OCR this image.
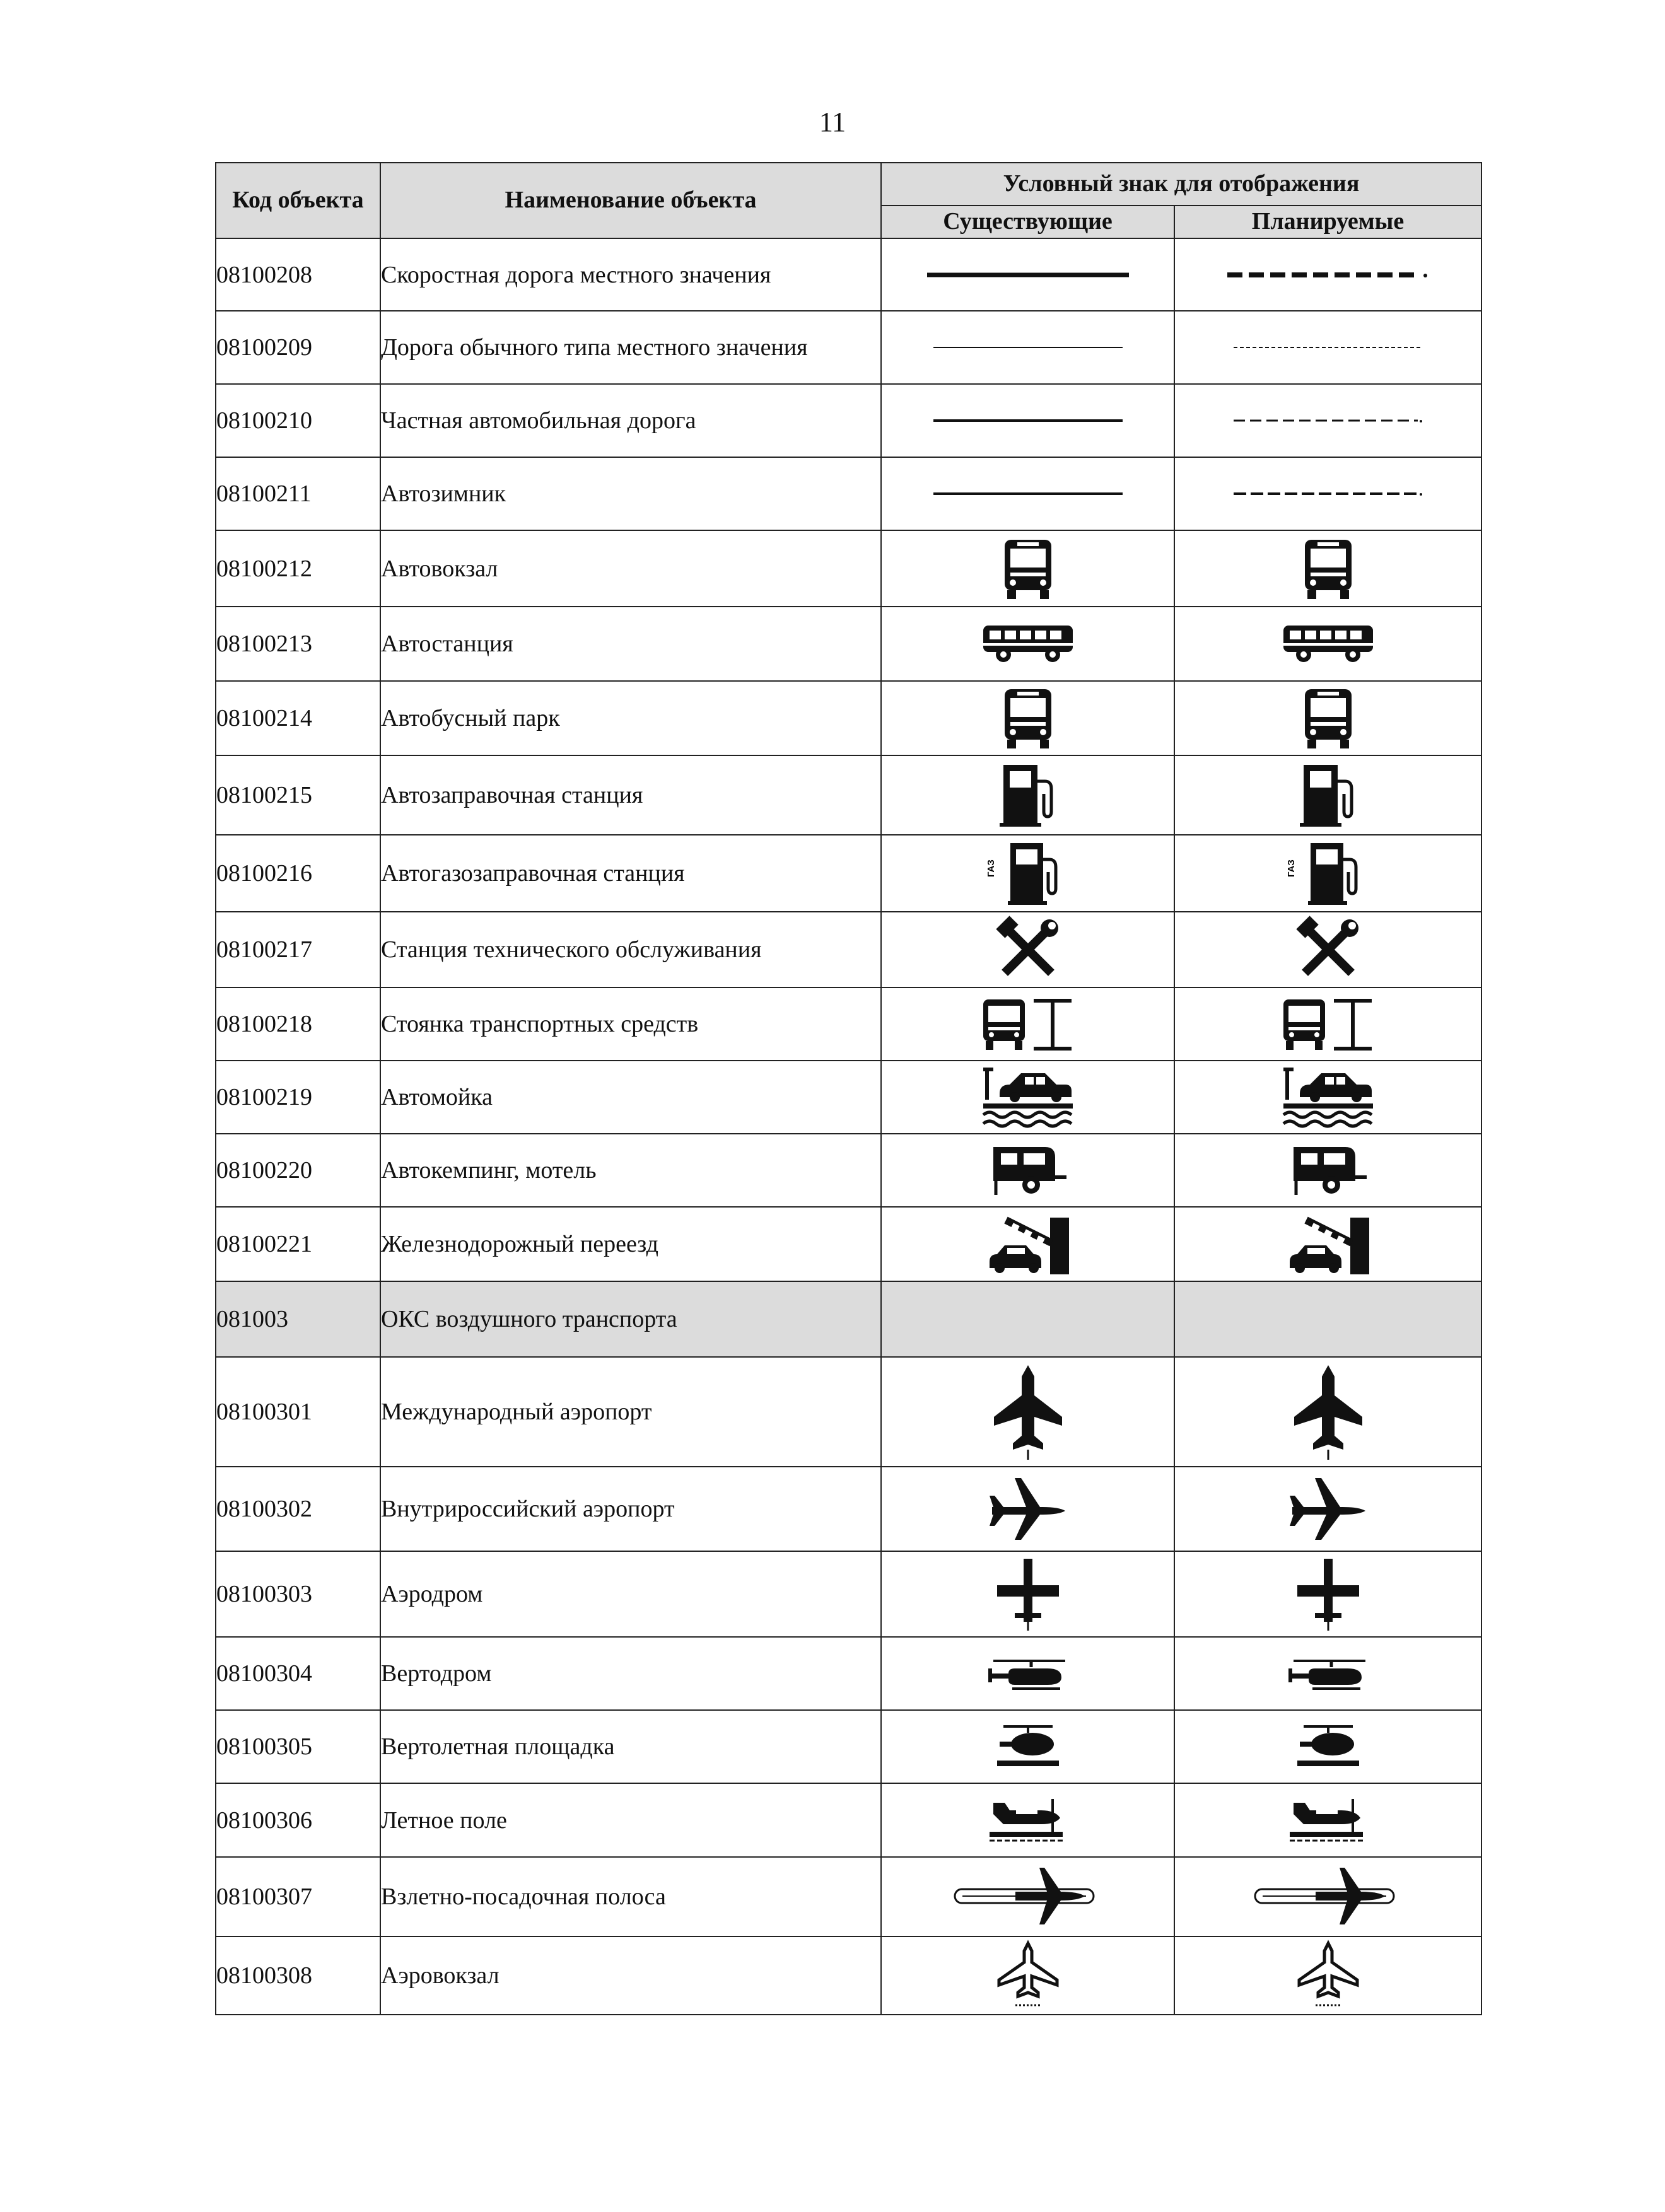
11
Код объекта	Наименование объекта	Условный знак для отображения	
		Существующие	Планируемые
08100208	Скоростная дорога местного значения		
08100209	Дорога обычного типа местного значения		
08100210	Частная автомобильная дорога		
08100211	Автозимник		
08100212	Автовокзал		
08100213	Автостанция		
08100214	Автобусный парк		
08100215	Автозаправочная станция		
08100216	Автогазозаправочная станция	ГАЗ	ГАЗ

08100217	Станция технического обслуживания		
08100218	Стоянка транспортных средств		
08100219	Автомойка		
08100220	Автокемпинг, мотель		
08100221	Железнодорожный переезд		
081003	ОКС воздушного транспорта		
08100301	Международный аэропорт		
08100302	Внутрироссийский аэропорт		
08100303	Аэродром		
08100304	Вертодром		
08100305	Вертолетная площадка		
08100306	Летное поле		
08100307	Взлетно-посадочная полоса		
08100308	Аэровокзал		
